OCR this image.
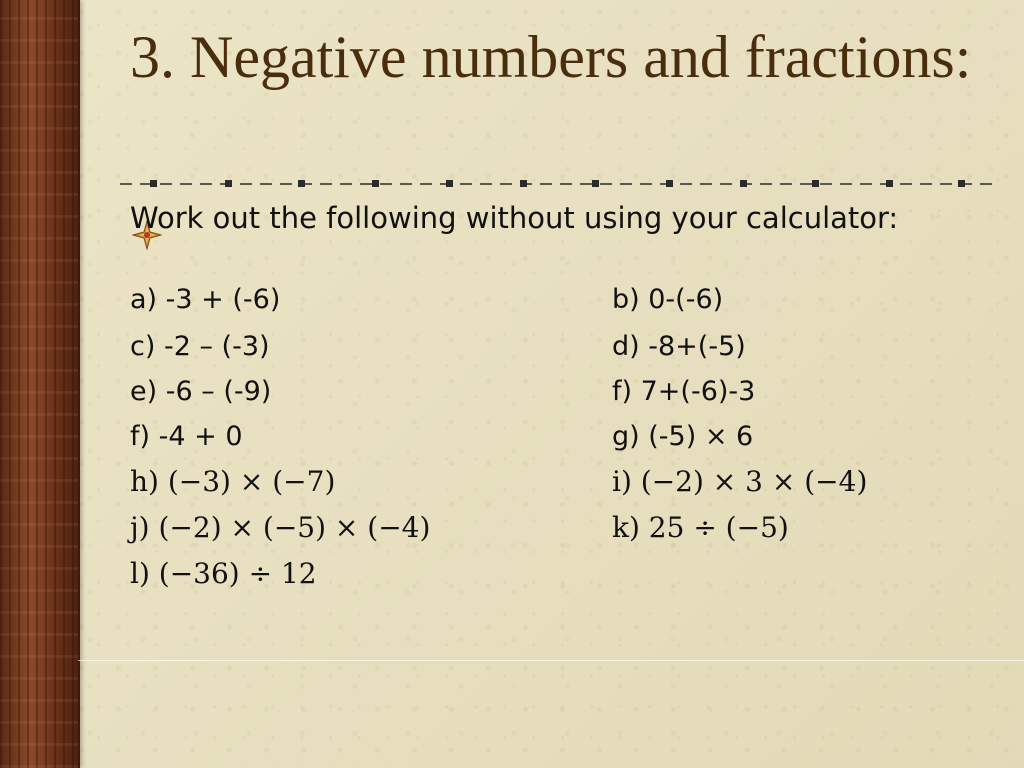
3. Negative numbers and fractions:

Work out the following without using your calculator:

a) -3 + (-6)	b) 0-(-6)

c) -2 – (-3)	d) -8+(-5)

e) -6 – (-9)	f) 7+(-6)-3

f) -4 + 0	g) (-5) × 6

h) (−3) × (−7)	i) (−2) × 3 × (−4)

j) (−2) × (−5) × (−4)	k) 25 ÷ (−5)

l) (−36) ÷ 12
